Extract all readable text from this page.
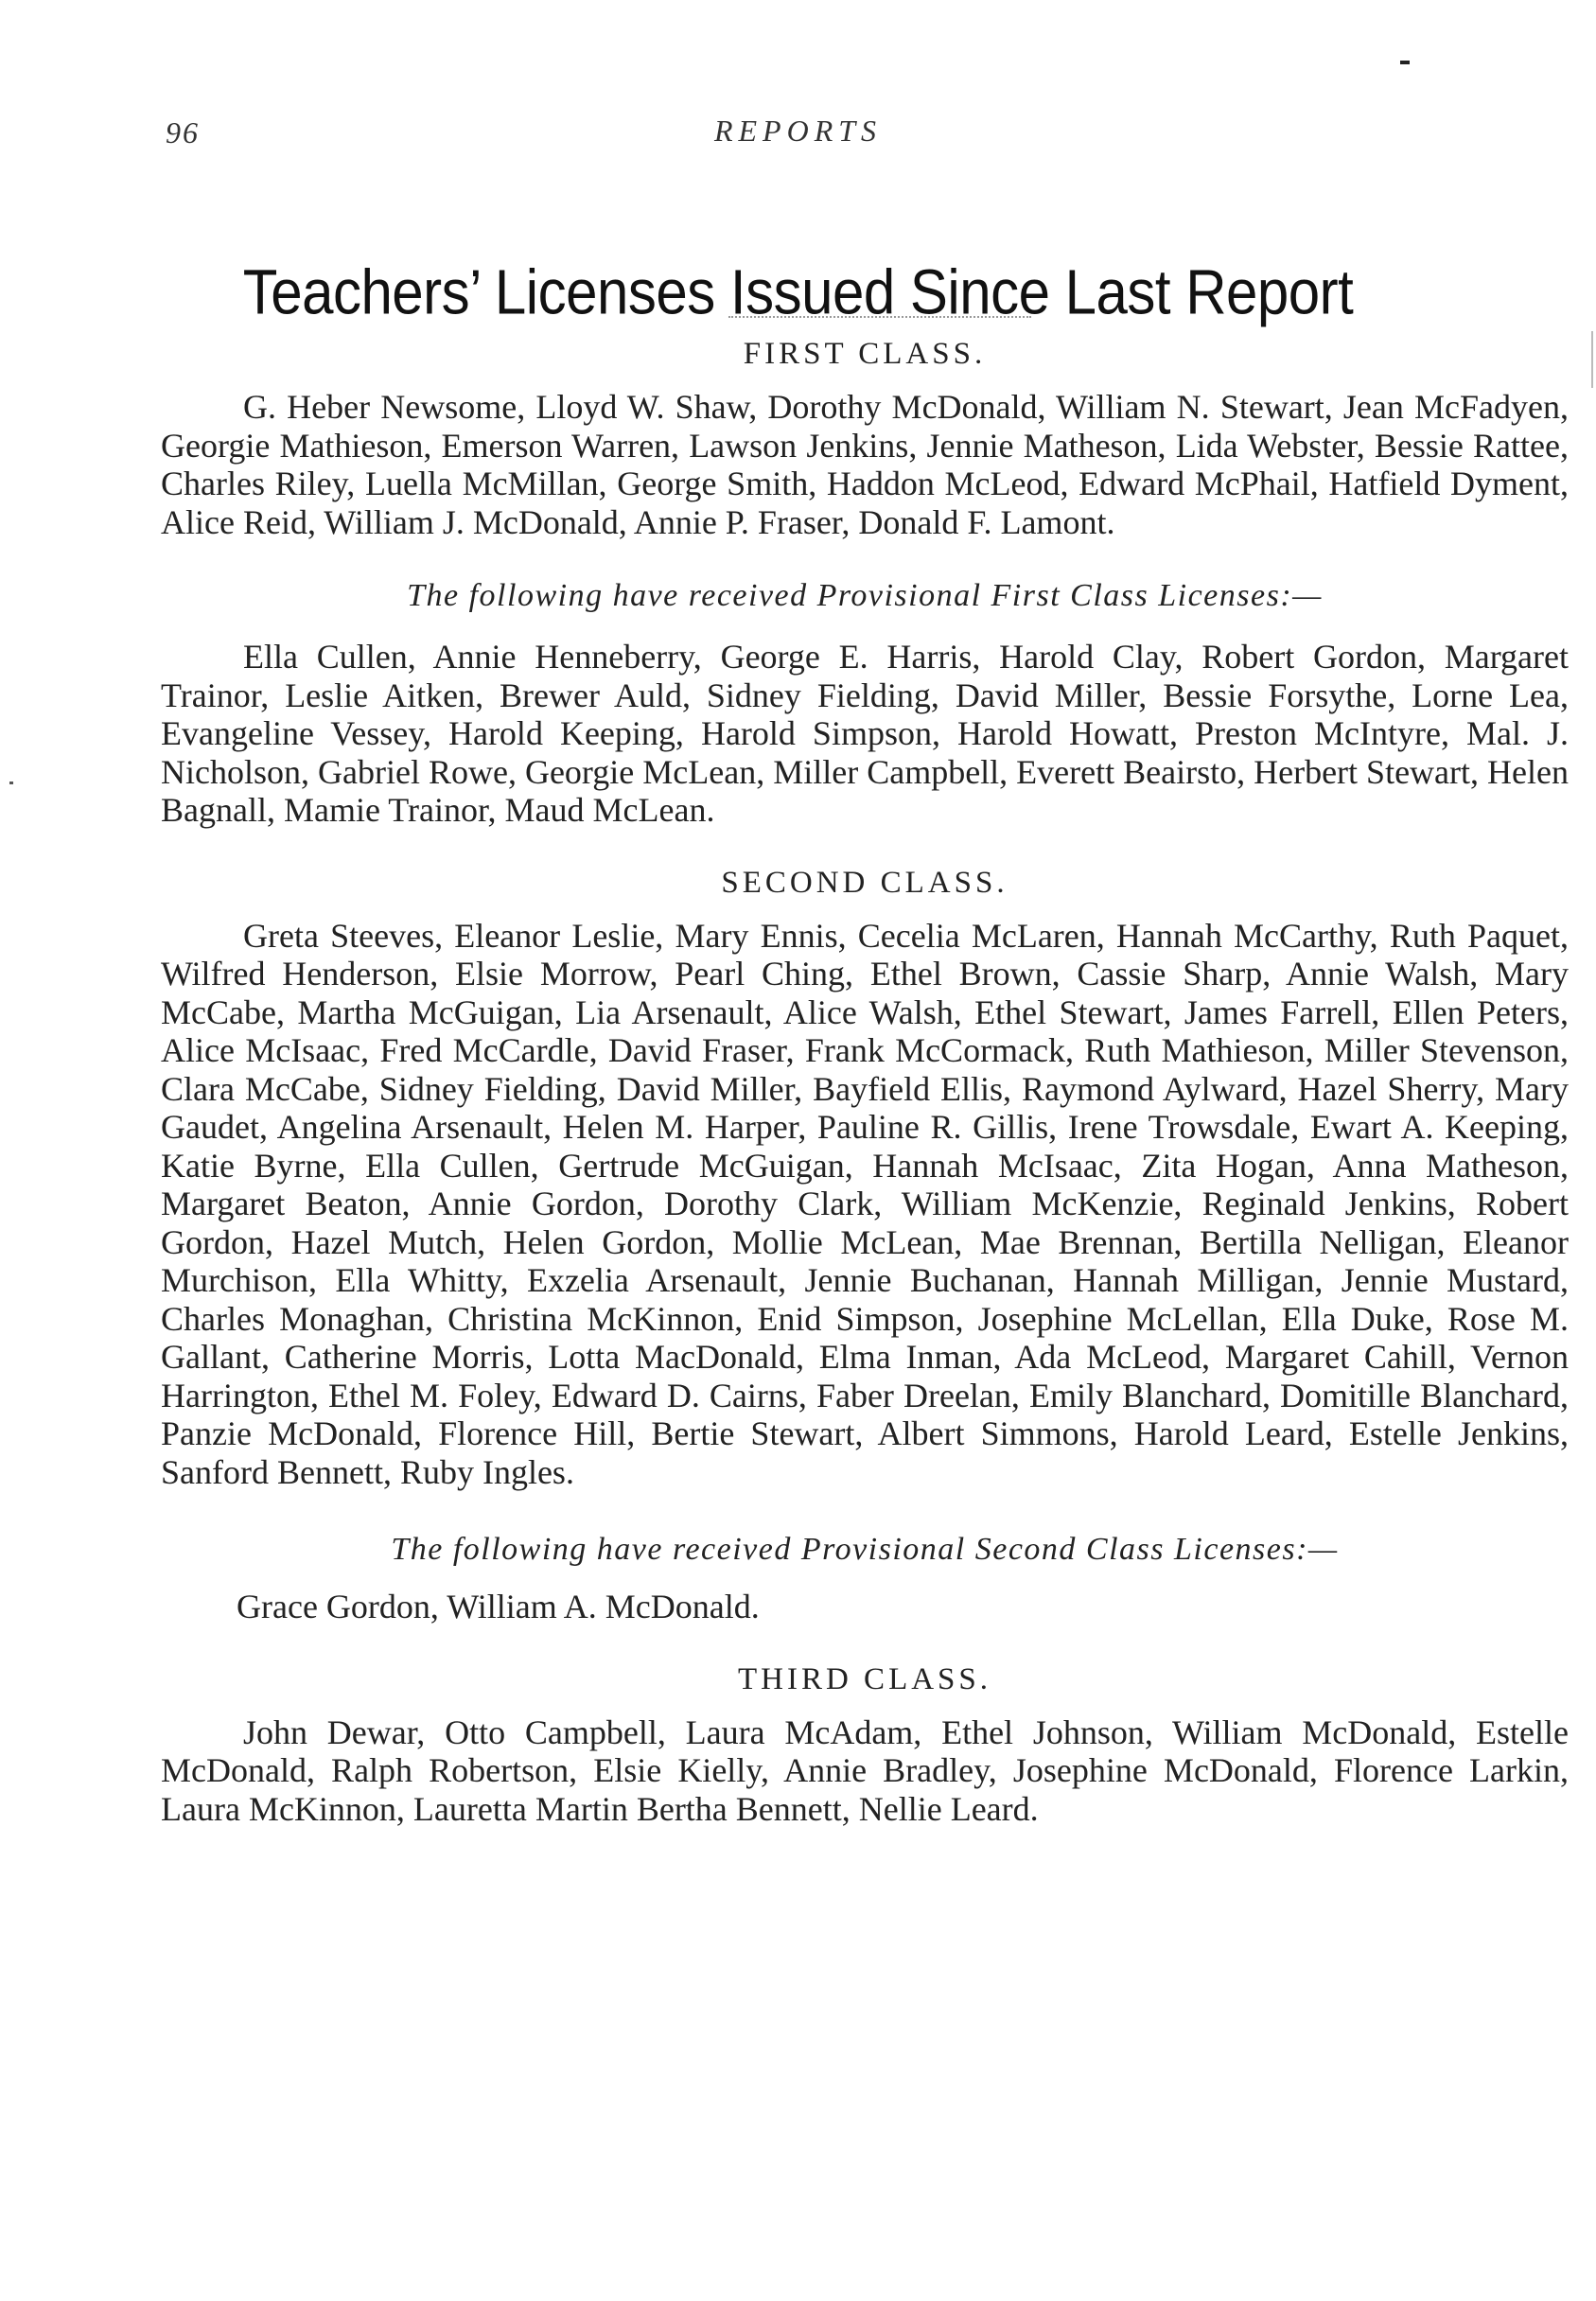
96	REPORTS
Teachers’ Licenses Issued Since Last Report
FIRST CLASS.

G. Heber Newsome, Lloyd W. Shaw, Dorothy McDonald, William N. Stewart, Jean McFadyen, Georgie Mathieson, Emerson Warren, Lawson Jenkins, Jennie Matheson, Lida Webster, Bessie Rattee, Charles Riley, Luella McMillan, George Smith, Haddon McLeod, Edward McPhail, Hatfield Dyment, Alice Reid, William J. McDonald, Annie P. Fraser, Donald F. Lamont.

The following have received Provisional First Class Licenses:—

Ella Cullen, Annie Henneberry, George E. Harris, Harold Clay, Robert Gordon, Margaret Trainor, Leslie Aitken, Brewer Auld, Sidney Fielding, David Miller, Bessie Forsythe, Lorne Lea, Evangeline Vessey, Harold Keeping, Harold Simpson, Harold Howatt, Preston McIntyre, Mal. J. Nicholson, Gabriel Rowe, Georgie McLean, Miller Campbell, Everett Beairsto, Herbert Stewart, Helen Bagnall, Mamie Trainor, Maud McLean.

SECOND CLASS.

Greta Steeves, Eleanor Leslie, Mary Ennis, Cecelia McLaren, Hannah McCarthy, Ruth Paquet, Wilfred Henderson, Elsie Morrow, Pearl Ching, Ethel Brown, Cassie Sharp, Annie Walsh, Mary McCabe, Martha McGuigan, Lia Arsenault, Alice Walsh, Ethel Stewart, James Farrell, Ellen Peters, Alice McIsaac, Fred McCardle, David Fraser, Frank McCormack, Ruth Mathieson, Miller Stevenson, Clara McCabe, Sidney Fielding, David Miller, Bayfield Ellis, Raymond Aylward, Hazel Sherry, Mary Gaudet, Angelina Arsenault, Helen M. Harper, Pauline R. Gillis, Irene Trowsdale, Ewart A. Keeping, Katie Byrne, Ella Cullen, Gertrude McGuigan, Hannah McIsaac, Zita Hogan, Anna Matheson, Margaret Beaton, Annie Gordon, Dorothy Clark, William McKenzie, Reginald Jenkins, Robert Gordon, Hazel Mutch, Helen Gordon, Mollie McLean, Mae Brennan, Bertilla Nelligan, Eleanor Murchison, Ella Whitty, Exzelia Arsenault, Jennie Buchanan, Hannah Milligan, Jennie Mustard, Charles Monaghan, Christina McKinnon, Enid Simpson, Josephine McLellan, Ella Duke, Rose M. Gallant, Catherine Morris, Lotta MacDonald, Elma Inman, Ada McLeod, Margaret Cahill, Vernon Harrington, Ethel M. Foley, Edward D. Cairns, Faber Dreelan, Emily Blanchard, Domitille Blanchard, Panzie McDonald, Florence Hill, Bertie Stewart, Albert Simmons, Harold Leard, Estelle Jenkins, Sanford Bennett, Ruby Ingles.

The following have received Provisional Second Class Licenses:—

Grace Gordon, William A. McDonald.

THIRD CLASS.

John Dewar, Otto Campbell, Laura McAdam, Ethel Johnson, William McDonald, Estelle McDonald, Ralph Robertson, Elsie Kielly, Annie Bradley, Josephine McDonald, Florence Larkin, Laura McKinnon, Lauretta Martin Bertha Bennett, Nellie Leard.
